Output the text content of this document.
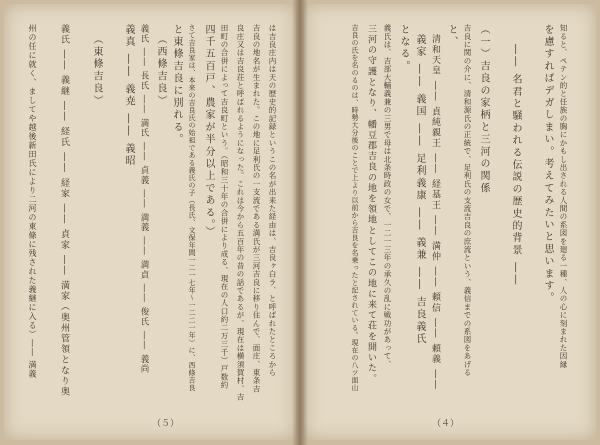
知ると、ペテン的と任族の胸にかもし出される人間の系図を廻る一種、人の心に刻まれた因縁
を慮すればデガしまい。考えてみたいと思います。
―― 名君と騒われる伝説の歴史的背景 ――
（一）吉良の家柄と三河の関係
吉良に関の介に、清和源氏の正統で、足利氏の支流吉良の庶流という、義信までの系図をあげる
と、
清和天皇 ―― 貞純親王 ―― 経基王 ―― 満仲 ―― 頼信 ―― 頼義 ――
義家 ―― 義国 ―― 足利義康 ―― 義兼 ―― 吉良義氏
となる。
義氏は、吉部大輔義兼の三男で母は北条時政の女で、一二一三年の承久の乱に戦功があって、
三河の守護となり、幡豆郡吉良の地を領地としてこの地に来て荘を開いた。
吉良の氏を名のるのは、時勢大分後のことで上より以前から吉良を名乗ったと記されている。現在の八ツ面山
（４）
は吉良庄内は天の歴史的記録というこの名が出来た経由は、吉良ヶ白ラ、と呼ばれたところから
吉良の地名が生まれた。この地に足利氏の一支流である満氏が三河吉良に移り住んで、面庄、東条吉
良庄又は吉良荘と呼ばれるようになった。これは今から五百年の昔の話であるが、現在は横須賀村、吉
田町の合併によって吉良町という。（昭和三十年の合併により成る、現在の人口約二万三千）戸数約
四千五百戸、農家が半分以上である。）
さて吉良家は、本来の吉良氏の始祖である義氏の子（長氏、文保年間一二一七年～一二二一年）に、西條吉良
と東條吉良に別れる。
（西條吉良）
義氏 ―― 長氏 ―― 満氏 ―― 貞義 ―― 満義 ―― 満貞 ―― 俊氏 ―― 義尚
義真 ―― 義尭 ―― 義昭
（東條吉良）
義氏 ―― 義継 ―― 経氏 ―― 経家 ―― 貞家 ―― 満家（奥州管領となり奥
州の任に就く、ましてや越後新田氏により二河の東條に残された義継に入る）―― 満義
（５）
